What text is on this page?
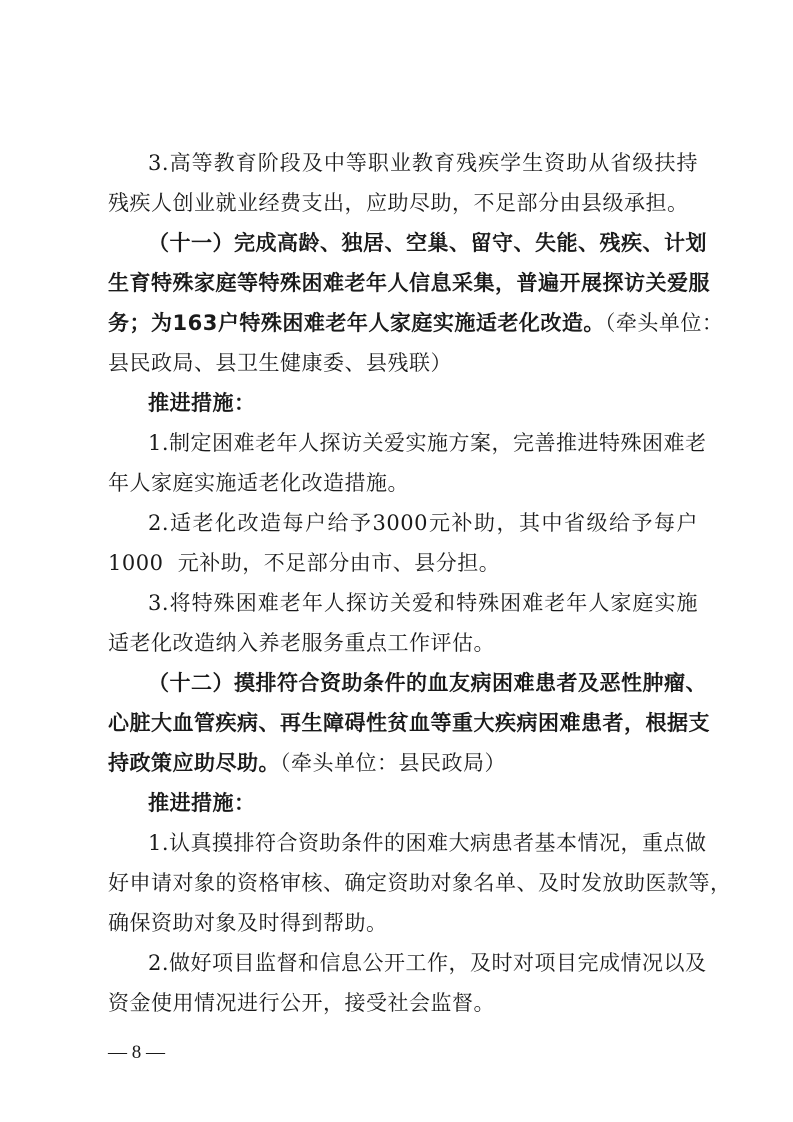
3.高等教育阶段及中等职业教育残疾学生资助从省级扶持
残疾人创业就业经费支出，应助尽助，不足部分由县级承担。
（十一）完成高龄、独居、空巢、留守、失能、残疾、计划
生育特殊家庭等特殊困难老年人信息采集，普遍开展探访关爱服
务；为163户特殊困难老年人家庭实施适老化改造。（牵头单位：
县民政局、县卫生健康委、县残联）
推进措施：
1.制定困难老年人探访关爱实施方案，完善推进特殊困难老
年人家庭实施适老化改造措施。
2.适老化改造每户给予3000元补助，其中省级给予每户
1000  元补助，不足部分由市、县分担。
3.将特殊困难老年人探访关爱和特殊困难老年人家庭实施
适老化改造纳入养老服务重点工作评估。
（十二）摸排符合资助条件的血友病困难患者及恶性肿瘤、
心脏大血管疾病、再生障碍性贫血等重大疾病困难患者，根据支
持政策应助尽助。（牵头单位：县民政局）
推进措施：
1.认真摸排符合资助条件的困难大病患者基本情况，重点做
好申请对象的资格审核、确定资助对象名单、及时发放助医款等，
确保资助对象及时得到帮助。
2.做好项目监督和信息公开工作，及时对项目完成情况以及
资金使用情况进行公开，接受社会监督。
— 8 —
